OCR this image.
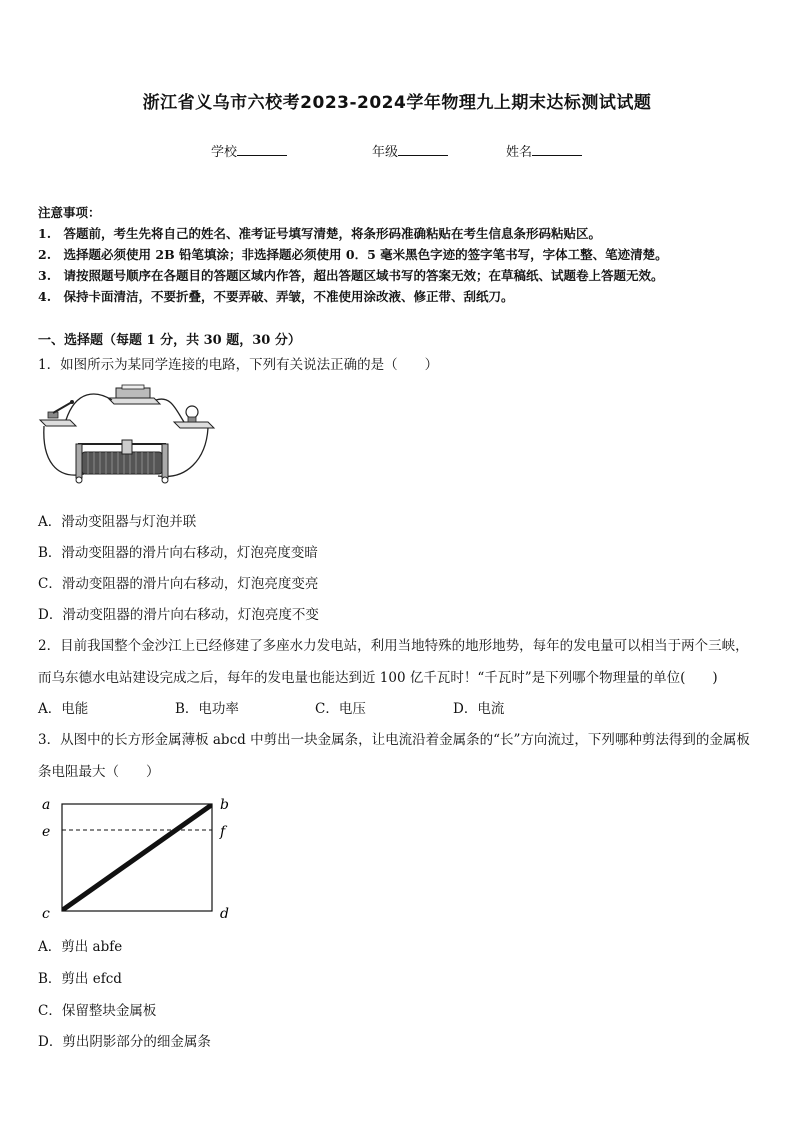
浙江省义乌市六校考2023-2024学年物理九上期末达标测试试题
学校	年级	姓名
注意事项：
1.　答题前，考生先将自己的姓名、准考证号填写清楚，将条形码准确粘贴在考生信息条形码粘贴区。
2.　选择题必须使用 2B 铅笔填涂；非选择题必须使用 0．5 毫米黑色字迹的签字笔书写，字体工整、笔迹清楚。
3.　请按照题号顺序在各题目的答题区域内作答，超出答题区域书写的答案无效；在草稿纸、试题卷上答题无效。
4.　保持卡面清洁，不要折叠，不要弄破、弄皱，不准使用涂改液、修正带、刮纸刀。
一、选择题（每题 1 分，共 30 题，30 分）
1．如图所示为某同学连接的电路，下列有关说法正确的是（　　）
A．滑动变阻器与灯泡并联
B．滑动变阻器的滑片向右移动，灯泡亮度变暗
C．滑动变阻器的滑片向右移动，灯泡亮度变亮
D．滑动变阻器的滑片向右移动，灯泡亮度不变
2．目前我国整个金沙江上已经修建了多座水力发电站，利用当地特殊的地形地势，每年的发电量可以相当于两个三峡，
而乌东德水电站建设完成之后，每年的发电量也能达到近 100 亿千瓦时！“千瓦时”是下列哪个物理量的单位(　　)
A．电能	B．电功率	C．电压	D．电流
3．从图中的长方形金属薄板 abcd 中剪出一块金属条，让电流沿着金属条的“长”方向流过，下列哪种剪法得到的金属板
条电阻最大（　　）
a
e
c
b
f
d
A．剪出 abfe
B．剪出 efcd
C．保留整块金属板
D．剪出阴影部分的细金属条
